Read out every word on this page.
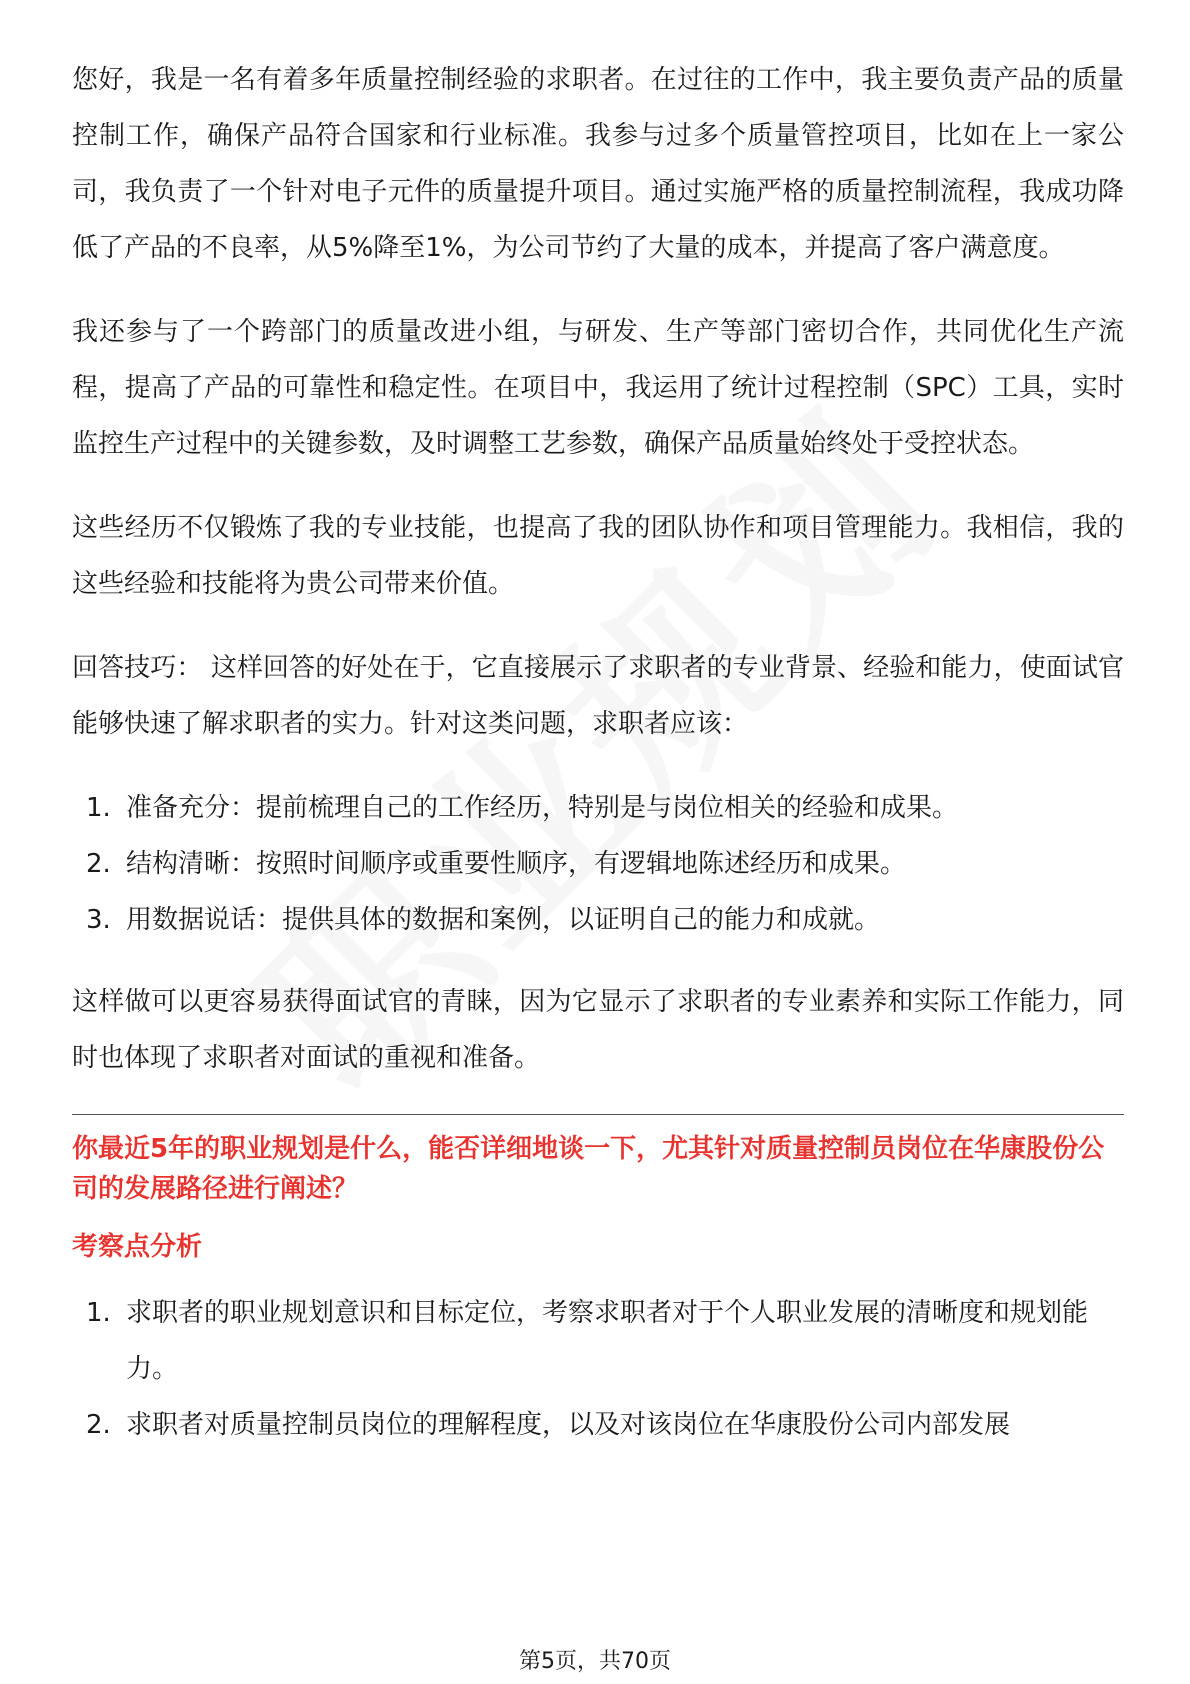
您好，我是一名有着多年质量控制经验的求职者。在过往的工作中，我主要负责产品的质量控制工作，确保产品符合国家和行业标准。我参与过多个质量管控项目，比如在上一家公司，我负责了一个针对电子元件的质量提升项目。通过实施严格的质量控制流程，我成功降低了产品的不良率，从5%降至1%，为公司节约了大量的成本，并提高了客户满意度。

我还参与了一个跨部门的质量改进小组，与研发、生产等部门密切合作，共同优化生产流程，提高了产品的可靠性和稳定性。在项目中，我运用了统计过程控制（SPC）工具，实时监控生产过程中的关键参数，及时调整工艺参数，确保产品质量始终处于受控状态。

这些经历不仅锻炼了我的专业技能，也提高了我的团队协作和项目管理能力。我相信，我的这些经验和技能将为贵公司带来价值。

回答技巧： 这样回答的好处在于，它直接展示了求职者的专业背景、经验和能力，使面试官能够快速了解求职者的实力。针对这类问题，求职者应该：

1. 准备充分：提前梳理自己的工作经历，特别是与岗位相关的经验和成果。
2. 结构清晰：按照时间顺序或重要性顺序，有逻辑地陈述经历和成果。
3. 用数据说话：提供具体的数据和案例，以证明自己的能力和成就。

这样做可以更容易获得面试官的青睐，因为它显示了求职者的专业素养和实际工作能力，同时也体现了求职者对面试的重视和准备。

你最近5年的职业规划是什么，能否详细地谈一下，尤其针对质量控制员岗位在华康股份公司的发展路径进行阐述？
考察点分析
1. 求职者的职业规划意识和目标定位，考察求职者对于个人职业发展的清晰度和规划能力。
2. 求职者对质量控制员岗位的理解程度，以及对该岗位在华康股份公司内部发展
第5页，共70页
